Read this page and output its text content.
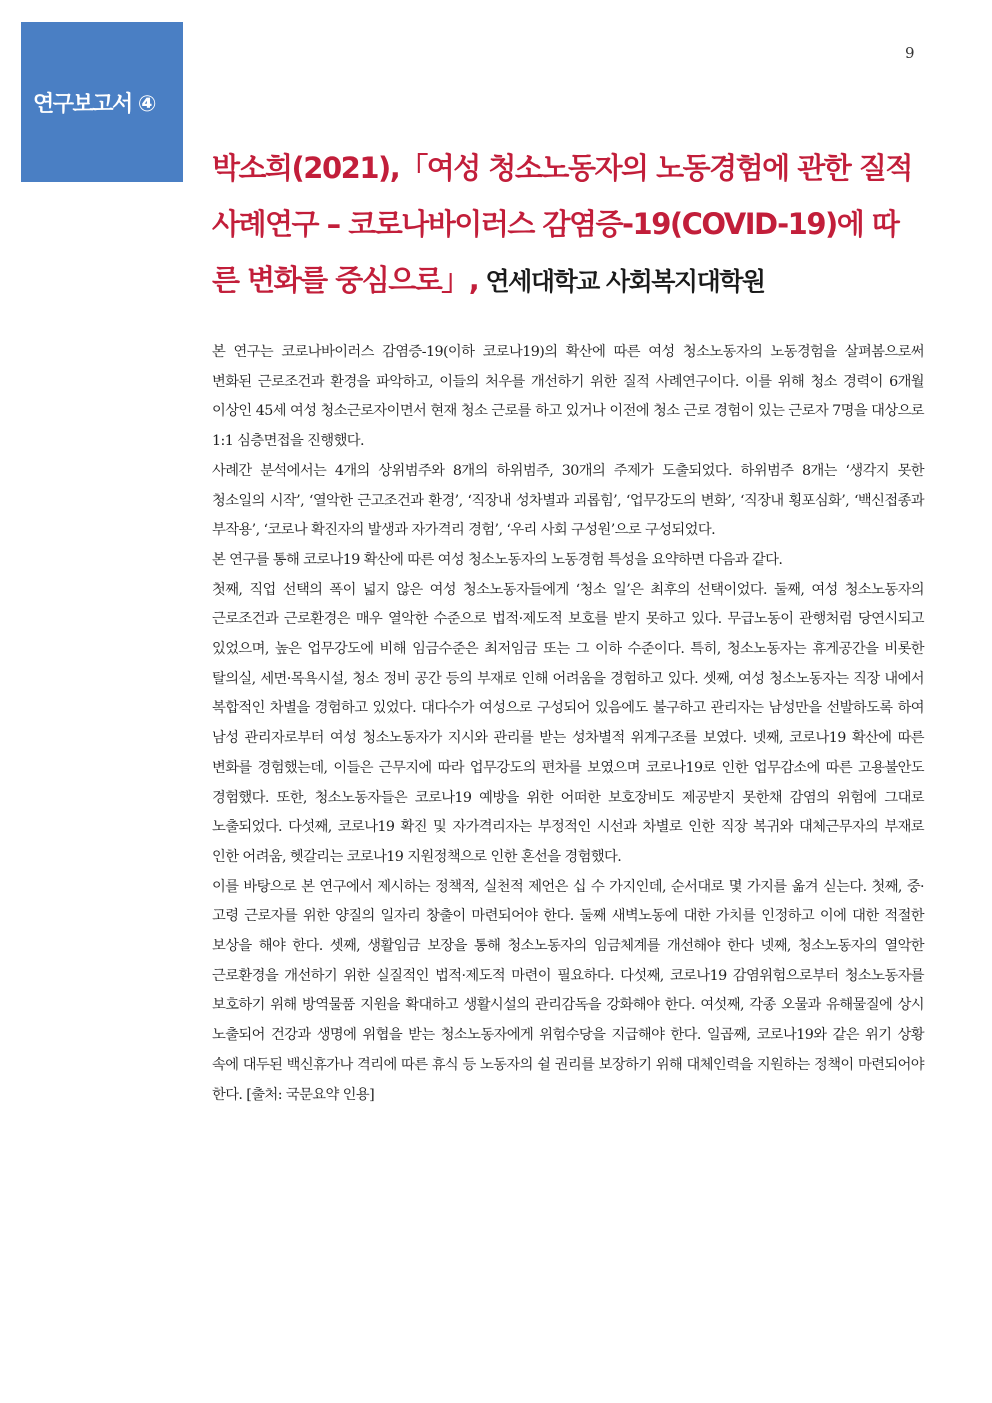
연구보고서 ④
9
박소희(2021),「여성 청소노동자의 노동경험에 관한 질적 사례연구 – 코로나바이러스 감염증-19(COVID-19)에 따른 변화를 중심으로」, 연세대학교 사회복지대학원

본 연구는 코로나바이러스 감염증-19(이하 코로나19)의 확산에 따른 여성 청소노동자의 노동경험을 살펴봄으로써 변화된 근로조건과 환경을 파악하고, 이들의 처우를 개선하기 위한 질적 사례연구이다. 이를 위해 청소 경력이 6개월 이상인 45세 여성 청소근로자이면서 현재 청소 근로를 하고 있거나 이전에 청소 근로 경험이 있는 근로자 7명을 대상으로 1:1 심층면접을 진행했다.

사례간 분석에서는 4개의 상위범주와 8개의 하위범주, 30개의 주제가 도출되었다. 하위범주 8개는 ‘생각지 못한 청소일의 시작’, ‘열악한 근고조건과 환경’, ‘직장내 성차별과 괴롭힘’, ‘업무강도의 변화’, ‘직장내 횡포심화’, ‘백신접종과 부작용’, ‘코로나 확진자의 발생과 자가격리 경험’, ‘우리 사회 구성원’으로 구성되었다.

본 연구를 통해 코로나19 확산에 따른 여성 청소노동자의 노동경험 특성을 요약하면 다음과 같다.

첫째, 직업 선택의 폭이 넓지 않은 여성 청소노동자들에게 ‘청소 일’은 최후의 선택이었다. 둘째, 여성 청소노동자의 근로조건과 근로환경은 매우 열악한 수준으로 법적·제도적 보호를 받지 못하고 있다. 무급노동이 관행처럼 당연시되고 있었으며, 높은 업무강도에 비해 임금수준은 최저임금 또는 그 이하 수준이다. 특히, 청소노동자는 휴게공간을 비롯한 탈의실, 세면·목욕시설, 청소 정비 공간 등의 부재로 인해 어려움을 경험하고 있다. 셋째, 여성 청소노동자는 직장 내에서 복합적인 차별을 경험하고 있었다. 대다수가 여성으로 구성되어 있음에도 불구하고 관리자는 남성만을 선발하도록 하여 남성 관리자로부터 여성 청소노동자가 지시와 관리를 받는 성차별적 위계구조를 보였다. 넷째, 코로나19 확산에 따른 변화를 경험했는데, 이들은 근무지에 따라 업무강도의 편차를 보였으며 코로나19로 인한 업무감소에 따른 고용불안도 경험했다. 또한, 청소노동자들은 코로나19 예방을 위한 어떠한 보호장비도 제공받지 못한채 감염의 위험에 그대로 노출되었다. 다섯째, 코로나19 확진 및 자가격리자는 부정적인 시선과 차별로 인한 직장 복귀와 대체근무자의 부재로 인한 어려움, 헷갈리는 코로나19 지원정책으로 인한 혼선을 경험했다.

이를 바탕으로 본 연구에서 제시하는 정책적, 실천적 제언은 십 수 가지인데, 순서대로 몇 가지를 옮겨 싣는다. 첫째, 중·고령 근로자를 위한 양질의 일자리 창출이 마련되어야 한다. 둘째 새벽노동에 대한 가치를 인정하고 이에 대한 적절한 보상을 해야 한다. 셋째, 생활임금 보장을 통해 청소노동자의 임금체계를 개선해야 한다 넷째, 청소노동자의 열악한 근로환경을 개선하기 위한 실질적인 법적·제도적 마련이 필요하다. 다섯째, 코로나19 감염위험으로부터 청소노동자를 보호하기 위해 방역물품 지원을 확대하고 생활시설의 관리감독을 강화해야 한다. 여섯째, 각종 오물과 유해물질에 상시 노출되어 건강과 생명에 위협을 받는 청소노동자에게 위험수당을 지급해야 한다. 일곱째, 코로나19와 같은 위기 상황 속에 대두된 백신휴가나 격리에 따른 휴식 등 노동자의 쉴 권리를 보장하기 위해 대체인력을 지원하는 정책이 마련되어야 한다. [출처: 국문요약 인용]
